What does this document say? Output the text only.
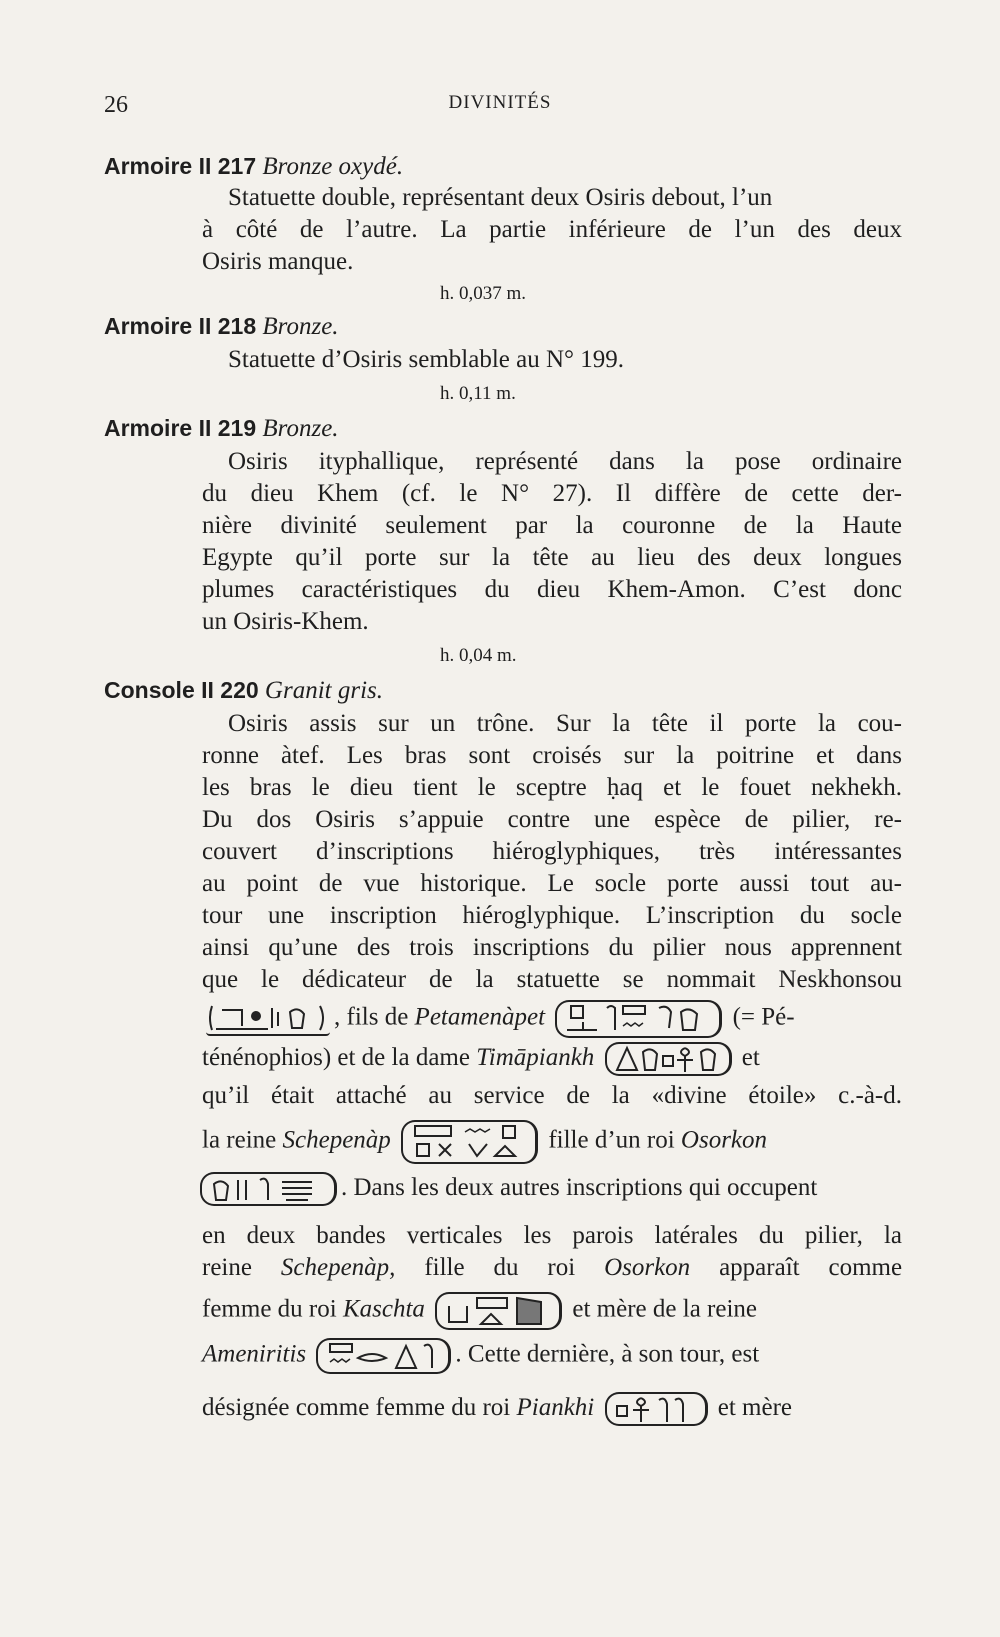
26	DIVINITÉS
Armoire II 217 Bronze oxydé.
Statuette double, représentant deux Osiris debout, l’un
à côté de l’autre. La partie inférieure de l’un des deux
Osiris manque.
h. 0,037 m.
Armoire II 218 Bronze.
Statuette d’Osiris semblable au N° 199.
h. 0,11 m.
Armoire II 219 Bronze.
Osiris ityphallique, représenté dans la pose ordinaire
du dieu Khem (cf. le N° 27). Il diffère de cette der-
nière divinité seulement par la couronne de la Haute
Egypte qu’il porte sur la tête au lieu des deux longues
plumes caractéristiques du dieu Khem-Amon. C’est donc
un Osiris-Khem.
h. 0,04 m.
Console II 220 Granit gris.
Osiris assis sur un trône. Sur la tête il porte la cou-
ronne àtef. Les bras sont croisés sur la poitrine et dans
les bras le dieu tient le sceptre ḥaq et le fouet nekhekh.
Du dos Osiris s’appuie contre une espèce de pilier, re-
couvert d’inscriptions hiéroglyphiques, très intéressantes
au point de vue historique. Le socle porte aussi tout au-
tour une inscription hiéroglyphique. L’inscription du socle
ainsi qu’une des trois inscriptions du pilier nous apprennent
que le dédicateur de la statuette se nommait Neskhonsou
, fils de Petamenàpet	(= Pé-
ténénophios) et de la dame Timāpiankh	et
qu’il était attaché au service de la «divine étoile» c.-à-d.
la reine Schepenàp	fille d’un roi Osorkon
. Dans les deux autres inscriptions qui occupent
en deux bandes verticales les parois latérales du pilier, la
reine Schepenàp, fille du roi Osorkon apparaît comme
femme du roi Kaschta	et mère de la reine
Ameniritis	. Cette dernière, à son tour, est
désignée comme femme du roi Piankhi	et mère
